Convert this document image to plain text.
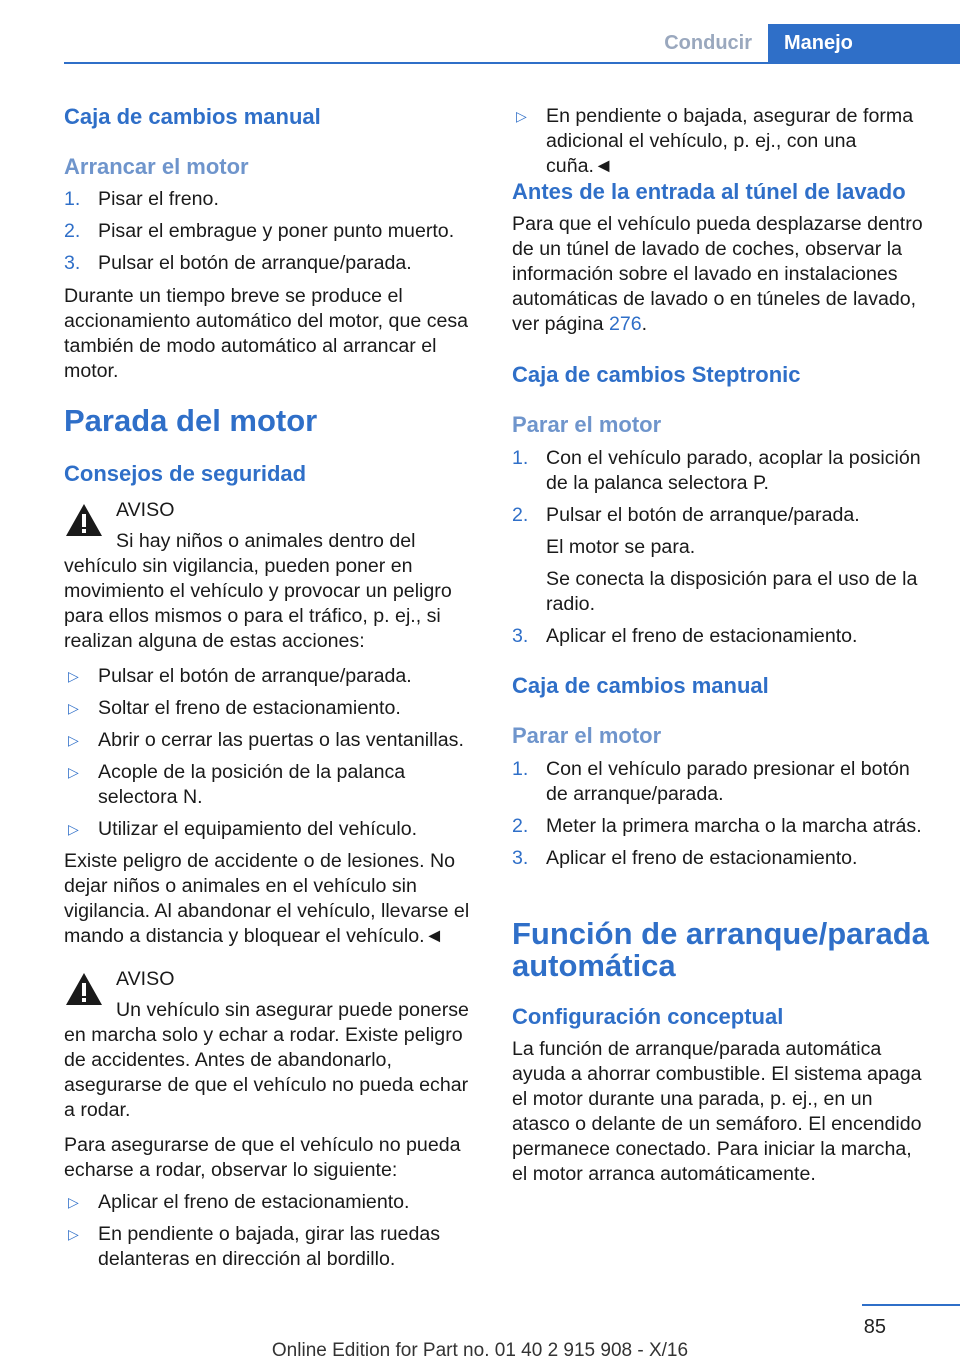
Conducir	Manejo
Caja de cambios manual
Arrancar el motor
1. Pisar el freno.
2. Pisar el embrague y poner punto muerto.
3. Pulsar el botón de arranque/parada.

Durante un tiempo breve se produce el accionamiento automático del motor, que cesa también de modo automático al arrancar el motor.

Parada del motor
Consejos de seguridad
AVISO
Si hay niños o animales dentro del vehículo sin vigilancia, pueden poner en movimiento el vehículo y provocar un peligro para ellos mismos o para el tráfico, p. ej., si realizan alguna de estas acciones:
▷ Pulsar el botón de arranque/parada.
▷ Soltar el freno de estacionamiento.
▷ Abrir o cerrar las puertas o las ventanillas.
▷ Acople de la posición de la palanca selectora N.
▷ Utilizar el equipamiento del vehículo.

Existe peligro de accidente o de lesiones. No dejar niños o animales en el vehículo sin vigilancia. Al abandonar el vehículo, llevarse el mando a distancia y bloquear el vehículo.◄

AVISO
Un vehículo sin asegurar puede ponerse en marcha solo y echar a rodar. Existe peligro de accidentes. Antes de abandonarlo, asegurarse de que el vehículo no pueda echar a rodar.

Para asegurarse de que el vehículo no pueda echarse a rodar, observar lo siguiente:

▷ Aplicar el freno de estacionamiento.
▷ En pendiente o bajada, girar las ruedas delanteras en dirección al bordillo.
▷ En pendiente o bajada, asegurar de forma adicional el vehículo, p. ej., con una cuña.◄
Antes de la entrada al túnel de lavado

Para que el vehículo pueda desplazarse dentro de un túnel de lavado de coches, observar la información sobre el lavado en instalaciones automáticas de lavado o en túneles de lavado, ver página 276.

Caja de cambios Steptronic
Parar el motor
1. Con el vehículo parado, acoplar la posición de la palanca selectora P.
2. Pulsar el botón de arranque/parada.
El motor se para.
Se conecta la disposición para el uso de la radio.
3. Aplicar el freno de estacionamiento.
Caja de cambios manual
Parar el motor
1. Con el vehículo parado presionar el botón de arranque/parada.
2. Meter la primera marcha o la marcha atrás.
3. Aplicar el freno de estacionamiento.
Función de arranque/parada automática
Configuración conceptual

La función de arranque/parada automática ayuda a ahorrar combustible. El sistema apaga el motor durante una parada, p. ej., en un atasco o delante de un semáforo. El encendido permanece conectado. Para iniciar la marcha, el motor arranca automáticamente.

85
Online Edition for Part no. 01 40 2 915 908 - X/16
